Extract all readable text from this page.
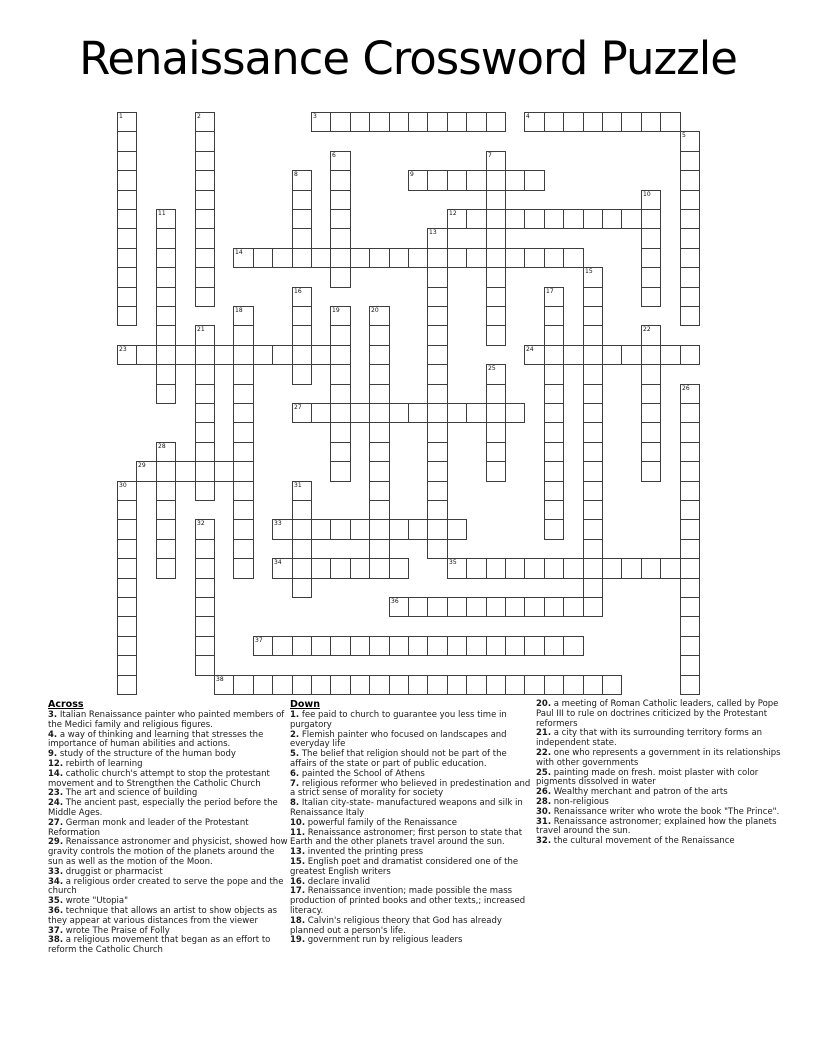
Renaissance Crossword Puzzle
3	4
9
12
14
23	24
27
29
33
34	35
36
37
38
1	2
5
6	7
8
10
11
13
15
16	17
18	19	20
21	22
25
26
28
30	31
32
Across

3. Italian Renaissance painter who painted members of the Medici family and religious figures.

4. a way of thinking and learning that stresses the importance of human abilities and actions.

9. study of the structure of the human body

12. rebirth of learning

14. catholic church's attempt to stop the protestant movement and to Strengthen the Catholic Church

23. The art and science of building

24. The ancient past, especially the period before the Middle Ages.

27. German monk and leader of the Protestant Reformation

29. Renaissance astronomer and physicist, showed how gravity controls the motion of the planets around the sun as well as the motion of the Moon.

33. druggist or pharmacist

34. a religious order created to serve the pope and the church

35. wrote "Utopia"

36. technique that allows an artist to show objects as they appear at various distances from the viewer

37. wrote The Praise of Folly

38. a religious movement that began as an effort to reform the Catholic Church

Down

1. fee paid to church to guarantee you less time in purgatory

2. Flemish painter who focused on landscapes and everyday life

5. The belief that religion should not be part of the affairs of the state or part of public education.

6. painted the School of Athens

7. religious reformer who believed in predestination and a strict sense of morality for society

8. Italian city-state- manufactured weapons and silk in Renaissance Italy

10. powerful family of the Renaissance

11. Renaissance astronomer; first person to state that Earth and the other planets travel around the sun.

13. invented the printing press

15. English poet and dramatist considered one of the greatest English writers

16. declare invalid

17. Renaissance invention; made possible the mass production of printed books and other texts,; increased literacy.

18. Calvin's religious theory that God has already planned out a person's life.

19. government run by religious leaders

20. a meeting of Roman Catholic leaders, called by Pope Paul III to rule on doctrines criticized by the Protestant reformers

21. a city that with its surrounding territory forms an independent state.

22. one who represents a government in its relationships with other governments

25. painting made on fresh. moist plaster with color pigments dissolved in water

26. Wealthy merchant and patron of the arts

28. non-religious

30. Renaissance writer who wrote the book "The Prince".

31. Renaissance astronomer; explained how the planets travel around the sun.

32. the cultural movement of the Renaissance
